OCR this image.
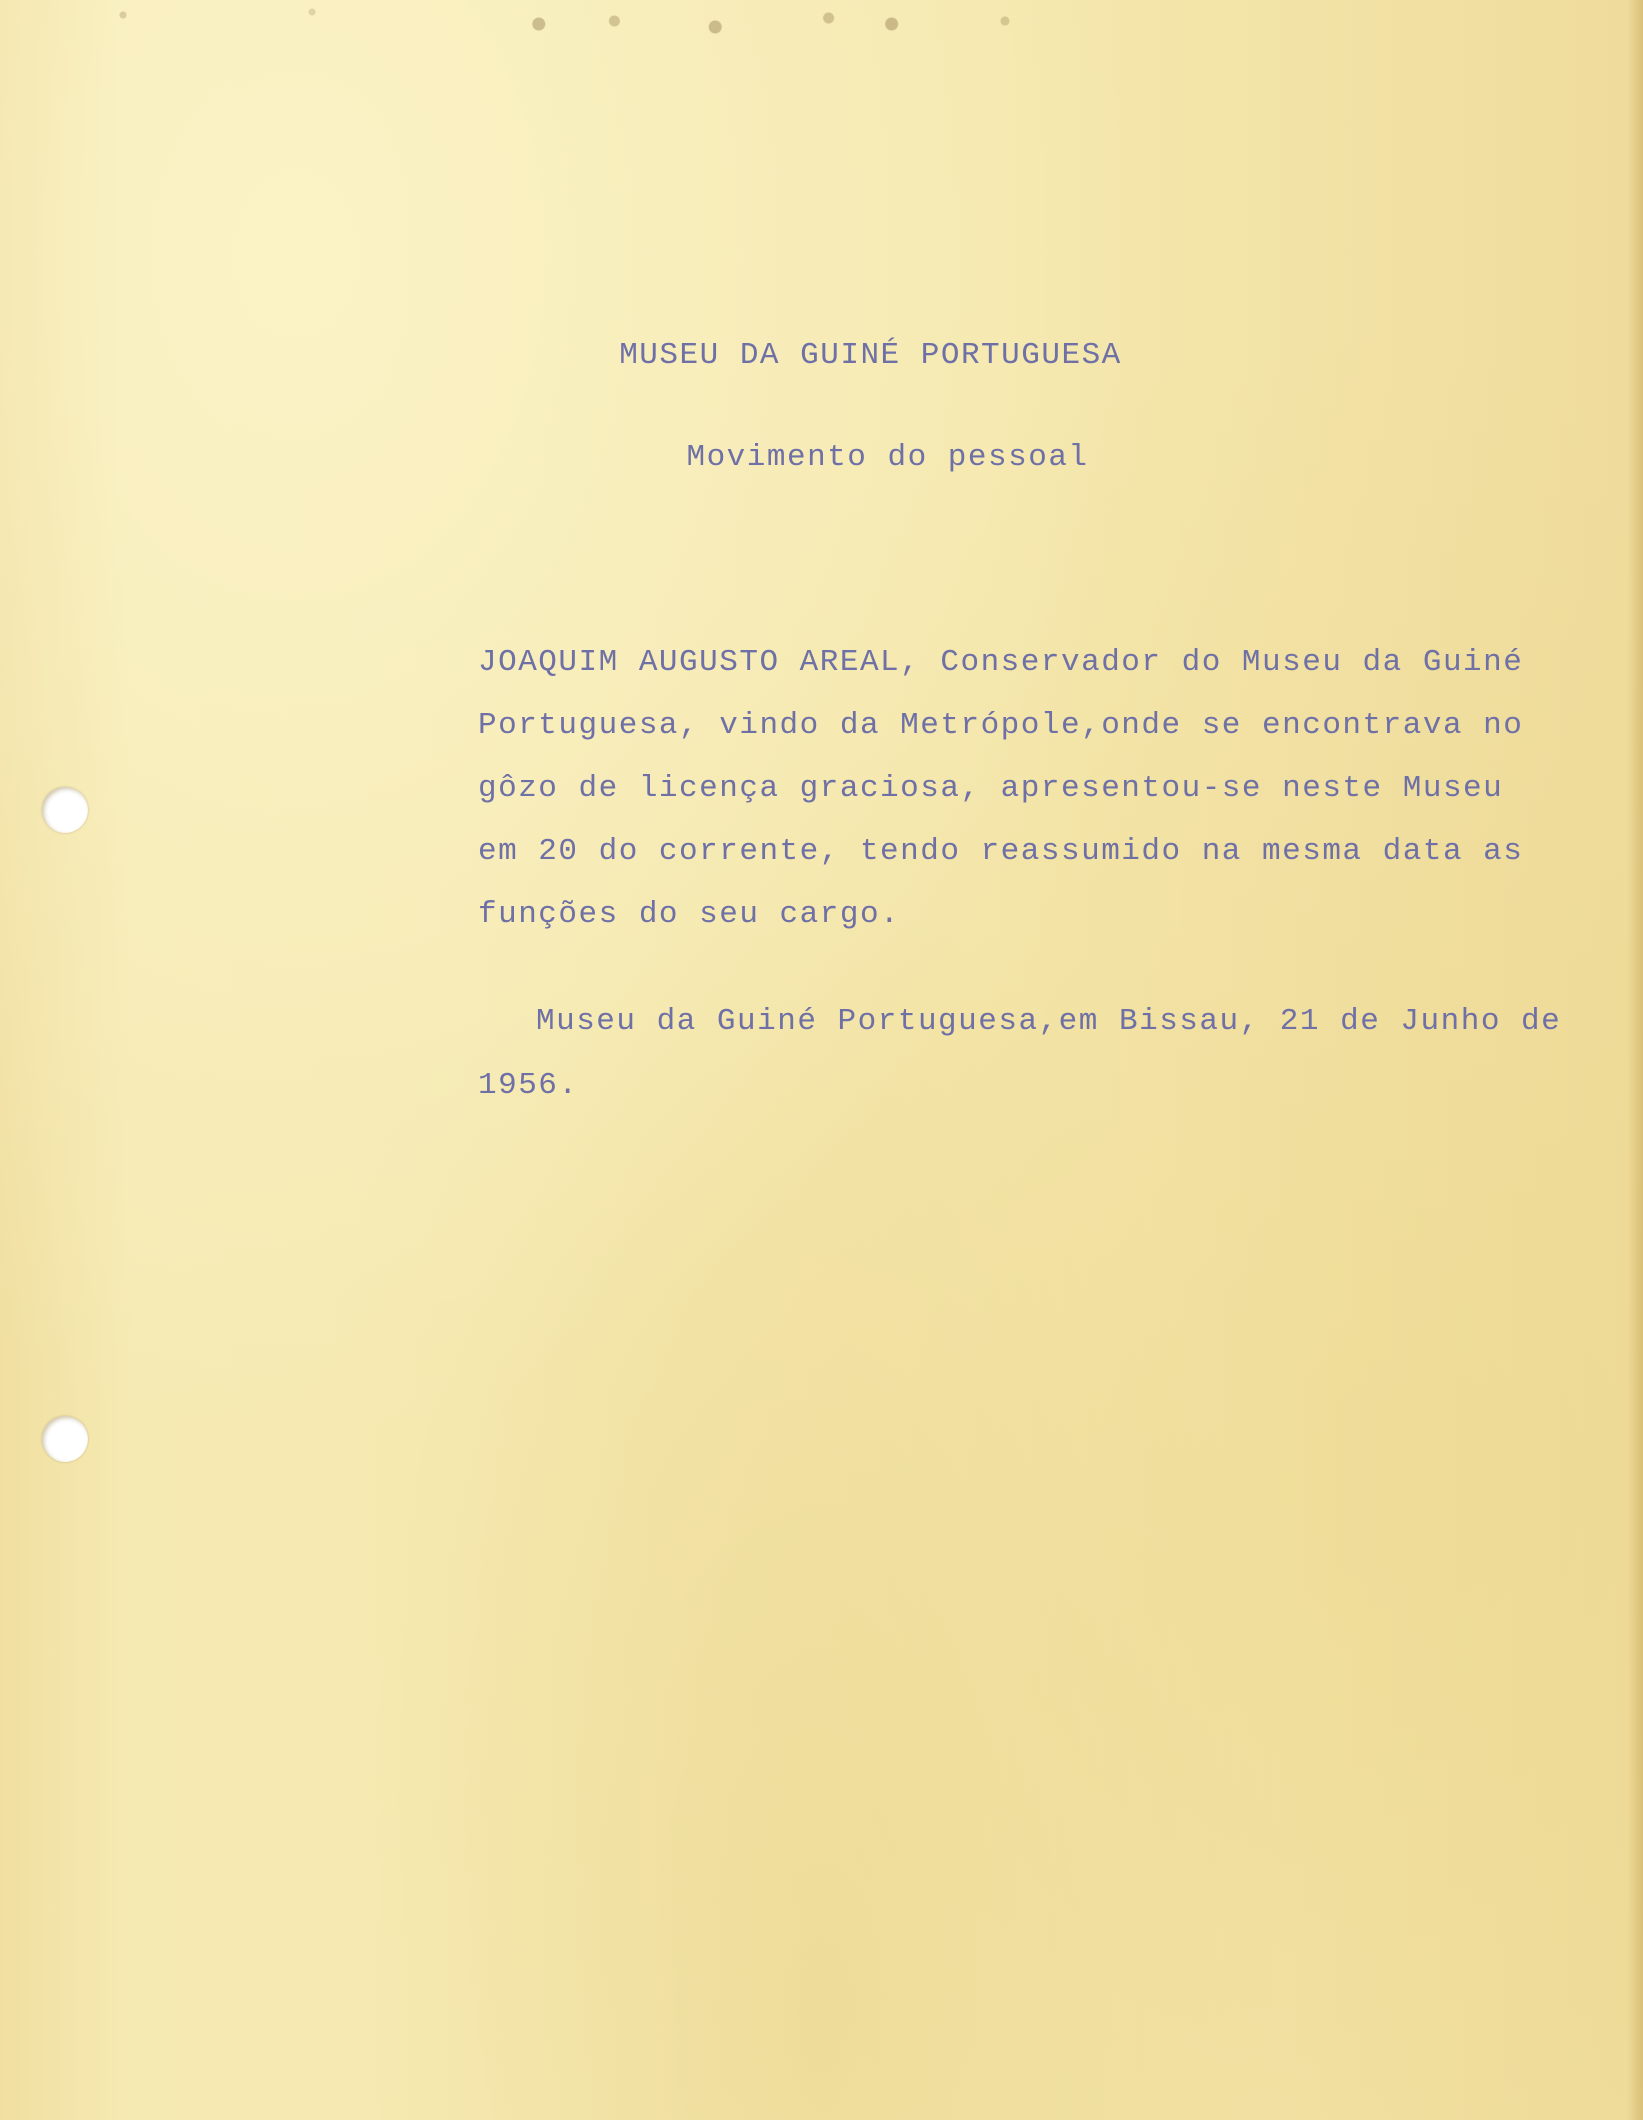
MUSEU DA GUINÉ PORTUGUESA
Movimento do pessoal

JOAQUIM AUGUSTO AREAL, Conservador do Museu da Guiné

Portuguesa, vindo da Metrópole,onde se encontrava no

gôzo de licença graciosa, apresentou-se neste Museu

em 20 do corrente, tendo reassumido na mesma data as

funções do seu cargo.

Museu da Guiné Portuguesa,em Bissau, 21 de Junho de

1956.
